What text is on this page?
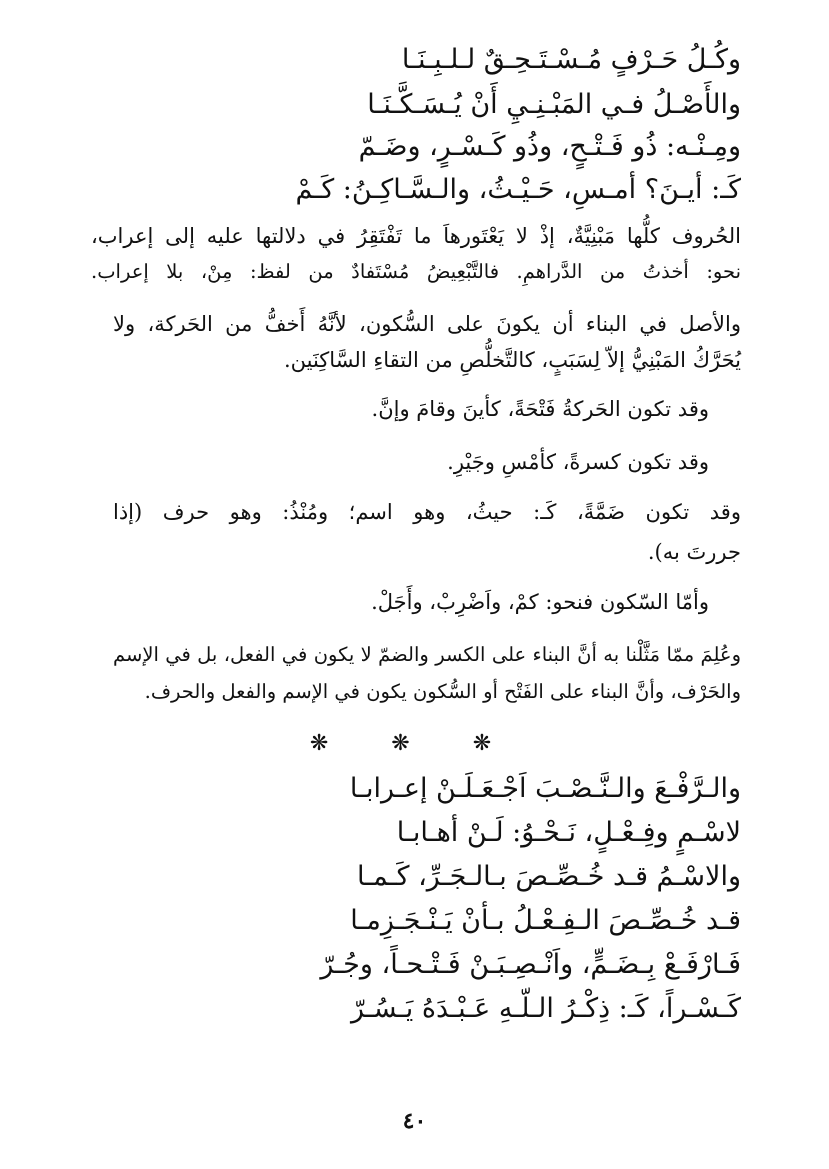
وكُـلُ حَـرْفٍ مُـسْـتَـحِـقٌ لـلـبِـنَـا
والأَصْـلُ فـي المَبْـنِـيِ أَنْ يُـسَـكَّـنَـا
ومِـنْـه: ذُو فَـتْـحٍ، وذُو كَـسْـرٍ، وضَـمّ
كَـ: أيـنَ؟ أمـسِ، حَـيْـثُ، والـسَّـاكِـنُ: كَـمْ
الحُروف كلُّها مَبْنِيَّةٌ، إذْ لا يَعْتَورهاَ ما تَفْتَقِرُ في دلالتها عليه إلى إعراب،
نحو: أخذتُ من الدَّراهمِ. فالتَّبْعِيضُ مُسْتَفادٌ من لفظ: مِنْ، بلا إعراب.
والأصل في البناء أن يكونَ على السُّكون، لأنَّهُ أَخفُّ من الحَركة، ولا
يُحَرَّكُ المَبْنِيُّ إلاّ لِسَبَبٍ، كالتَّخلُّصِ من التقاءِ السَّاكِنَين.
وقد تكون الحَركةُ فَتْحَةً، كأينَ وقامَ وإنَّ.
وقد تكون كسرةً، كأمْسِ وجَيْرِ.
وقد تكون ضَمَّةً، كَـ: حيثُ، وهو اسم؛ ومُنْذُ: وهو حرف (إذا
جررتَ به).
وأمّا السّكون فنحو: كمْ، واَضْرِبْ، وأَجَلْ.
وعُلِمَ ممّا مَثَّلْنا به أنَّ البناء على الكسر والضمّ لا يكون في الفعل، بل في الإسم
والحَرْف، وأنَّ البناء على الفَتْح أو السُّكون يكون في الإسم والفعل والحرف.
❋ ❋ ❋
والـرَّفْـعَ والـنَّـصْـبَ اَجْـعَـلَـنْ إعـرابـا
لاسْـمٍ وفِـعْـلٍ، نَـحْـوُ: لَـنْ أهـابـا
والاسْـمُ قـد خُـصِّـصَ بـالـجَـرِّ، كَـمـا
قـد خُـصِّـصَ الـفِـعْـلُ بـأنْ يَـنْـجَـزِمـا
فَـارْفَـعْ بِـضَـمٍّ، واَنْـصِـبَـنْ فَـتْـحـاً، وجُـرّ
كَـسْـراً، كَـ: ذِكْـرُ الـلّـهِ عَـبْـدَهُ يَـسُـرّ
٤٠
